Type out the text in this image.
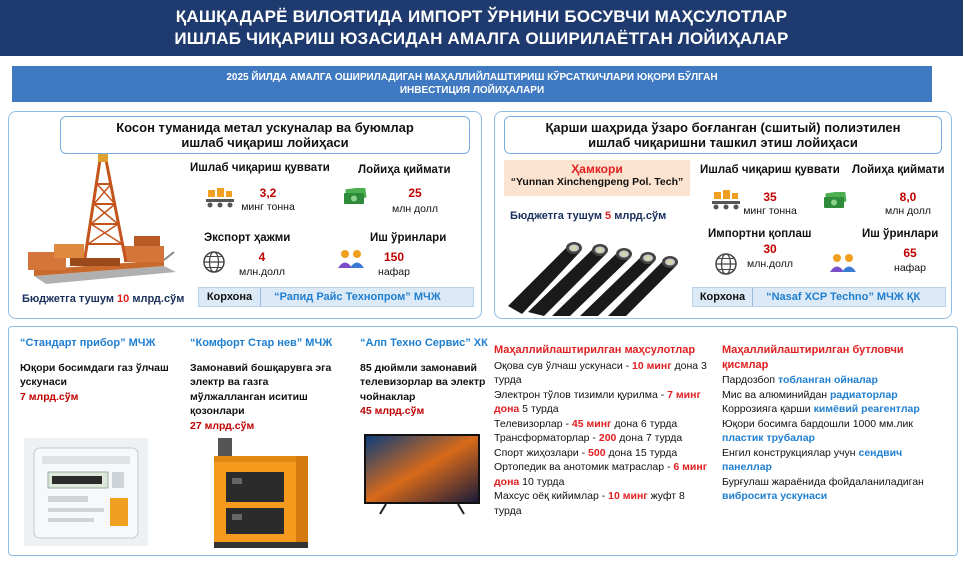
ҚАШҚАДАРЁ ВИЛОЯТИДА ИМПОРТ ЎРНИНИ БОСУВЧИ МАҲСУЛОТЛАР
ИШЛАБ ЧИҚАРИШ ЮЗАСИДАН АМАЛГА ОШИРИЛАЁТГАН ЛОЙИҲАЛАР
2025 ЙИЛДА АМАЛГА ОШИРИЛАДИГАН МАҲАЛЛИЙЛАШТИРИШ КЎРСАТКИЧЛАРИ ЮҚОРИ БЎЛГАН
ИНВЕСТИЦИЯ ЛОЙИҲАЛАРИ
Косон туманида метал ускуналар ва буюмлар
ишлаб чиқариш лойиҳаси
Ишлаб чиқариш қуввати
3,2
минг тонна
Лойиҳа қиймати
25
млн долл
Экспорт ҳажми
4
млн.долл
Иш ўринлари
150
нафар
Бюджетга тушум 10 млрд.сўм	Корхона “Рапид Райс Технопром” МЧЖ
Қарши шаҳрида ўзаро боғланган (сшитый) полиэтилен
ишлаб чиқаришни ташкил этиш лойиҳаси
Ҳамкори
“Yunnan Xinchengpeng Pol. Tech”
Бюджетга тушум 5 млрд.сўм
Ишлаб чиқариш қуввати
35
минг тонна
Лойиҳа қиймати
8,0
млн долл
Импортни қоплаш
30
млн.долл
Иш ўринлари
65
нафар
Корхона “Nasaf XCP Techno” МЧЖ ҚК
“Стандарт прибор” МЧЖ
Юқори босимдаги газ ўлчаш ускунаси
7 млрд.сўм
“Комфорт Стар нев” МЧЖ
Замонавий бошқарувга эга электр ва газга мўлжалланган иситиш қозонлари
27 млрд.сўм
“Алп Техно Сервис” ХК
85 дюймли замонавий телевизорлар ва электр чойнаклар
45 млрд.сўм
Маҳаллийлаштирилган маҳсулотлар
Оқова сув ўлчаш ускунаси - 10 минг дона 3 турда
Электрон тўлов тизимли қурилма - 7 минг дона 5 турда
Телевизорлар - 45 минг дона 6 турда
Трансформаторлар - 200 дона 7 турда
Спорт жиҳозлари - 500 дона 15 турда
Ортопедик ва анотомик матраслар - 6 минг дона 10 турда
Махсус оёқ кийимлар - 10 минг жуфт 8 турда
Маҳаллийлаштирилган бутловчи қисмлар
Пардозбоп тобланган ойналар
Мис ва алюминийдан радиаторлар
Коррозияга қарши кимёвий реагентлар
Юқори босимга бардошли 1000 мм.лик пластик трубалар
Енгил конструкциялар учун сендвич панеллар
Бурғулаш жараёнида фойдаланиладиган вибросита ускунаси
